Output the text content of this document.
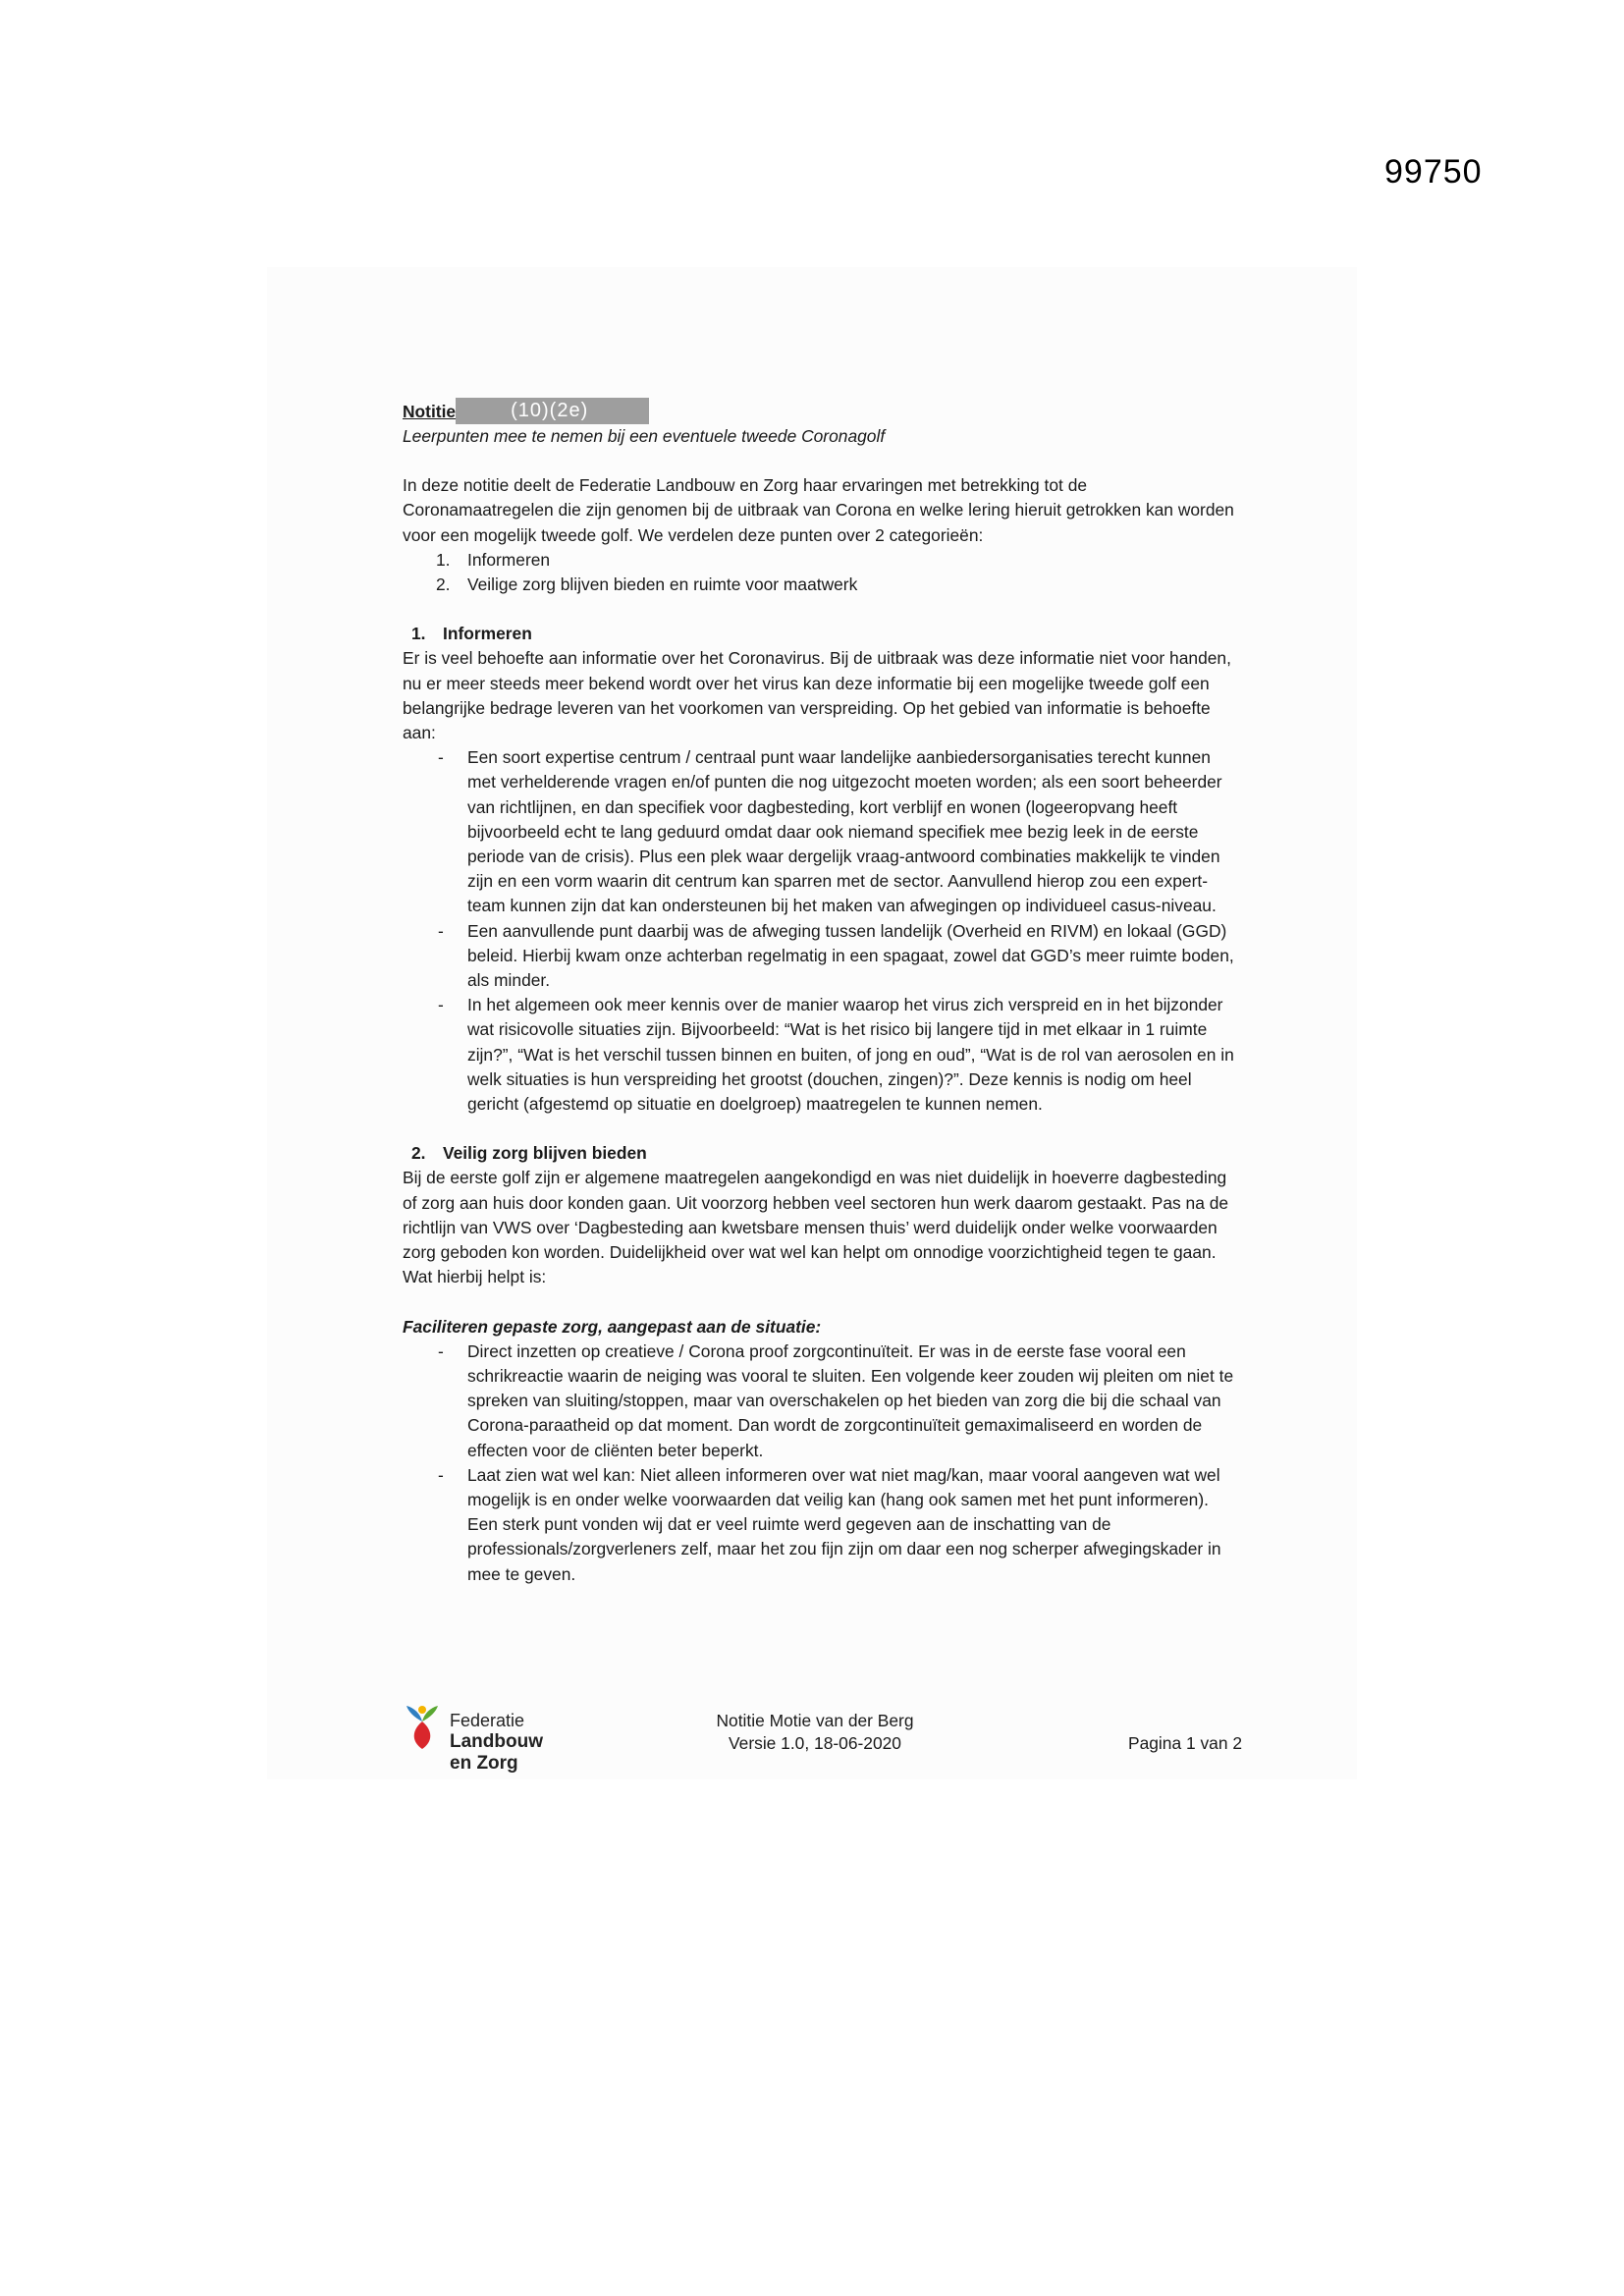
99750
Notitie	(10)(2e)
Leerpunten mee te nemen bij een eventuele tweede Coronagolf

In deze notitie deelt de Federatie Landbouw en Zorg haar ervaringen met betrekking tot de Coronamaatregelen die zijn genomen bij de uitbraak van Corona en welke lering hieruit getrokken kan worden voor een mogelijk tweede golf. We verdelen deze punten over 2 categorieën:

1. Informeren
2. Veilige zorg blijven bieden en ruimte voor maatwerk
1. Informeren

Er is veel behoefte aan informatie over het Coronavirus. Bij de uitbraak was deze informatie niet voor handen, nu er meer steeds meer bekend wordt over het virus kan deze informatie bij een mogelijke tweede golf een belangrijke bedrage leveren van het voorkomen van verspreiding. Op het gebied van informatie is behoefte aan:

- Een soort expertise centrum / centraal punt waar landelijke aanbiedersorganisaties terecht kunnen met verhelderende vragen en/of punten die nog uitgezocht moeten worden; als een soort beheerder van richtlijnen, en dan specifiek voor dagbesteding, kort verblijf en wonen (logeeropvang heeft bijvoorbeeld echt te lang geduurd omdat daar ook niemand specifiek mee bezig leek in de eerste periode van de crisis). Plus een plek waar dergelijk vraag-antwoord combinaties makkelijk te vinden zijn en een vorm waarin dit centrum kan sparren met de sector. Aanvullend hierop zou een expert-team kunnen zijn dat kan ondersteunen bij het maken van afwegingen op individueel casus-niveau.
- Een aanvullende punt daarbij was de afweging tussen landelijk (Overheid en RIVM) en lokaal (GGD) beleid. Hierbij kwam onze achterban regelmatig in een spagaat, zowel dat GGD’s meer ruimte boden, als minder.
- In het algemeen ook meer kennis over de manier waarop het virus zich verspreid en in het bijzonder wat risicovolle situaties zijn. Bijvoorbeeld: “Wat is het risico bij langere tijd in met elkaar in 1 ruimte zijn?”, “Wat is het verschil tussen binnen en buiten, of jong en oud”, “Wat is de rol van aerosolen en in welk situaties is hun verspreiding het grootst (douchen, zingen)?”. Deze kennis is nodig om heel gericht (afgestemd op situatie en doelgroep) maatregelen te kunnen nemen.
2. Veilig zorg blijven bieden

Bij de eerste golf zijn er algemene maatregelen aangekondigd en was niet duidelijk in hoeverre dagbesteding of zorg aan huis door konden gaan. Uit voorzorg hebben veel sectoren hun werk daarom gestaakt. Pas na de richtlijn van VWS over ‘Dagbesteding aan kwetsbare mensen thuis’ werd duidelijk onder welke voorwaarden zorg geboden kon worden. Duidelijkheid over wat wel kan helpt om onnodige voorzichtigheid tegen te gaan. Wat hierbij helpt is:

Faciliteren gepaste zorg, aangepast aan de situatie:
- Direct inzetten op creatieve / Corona proof zorgcontinuïteit. Er was in de eerste fase vooral een schrikreactie waarin de neiging was vooral te sluiten. Een volgende keer zouden wij pleiten om niet te spreken van sluiting/stoppen, maar van overschakelen op het bieden van zorg die bij die schaal van Corona-paraatheid op dat moment. Dan wordt de zorgcontinuïteit gemaximaliseerd en worden de effecten voor de cliënten beter beperkt.
- Laat zien wat wel kan: Niet alleen informeren over wat niet mag/kan, maar vooral aangeven wat wel mogelijk is en onder welke voorwaarden dat veilig kan (hang ook samen met het punt informeren). Een sterk punt vonden wij dat er veel ruimte werd gegeven aan de inschatting van de professionals/zorgverleners zelf, maar het zou fijn zijn om daar een nog scherper afwegingskader in mee te geven.
Federatie
Landbouw
en Zorg
Notitie Motie van der Berg
Versie 1.0, 18-06-2020	Pagina 1 van 2
